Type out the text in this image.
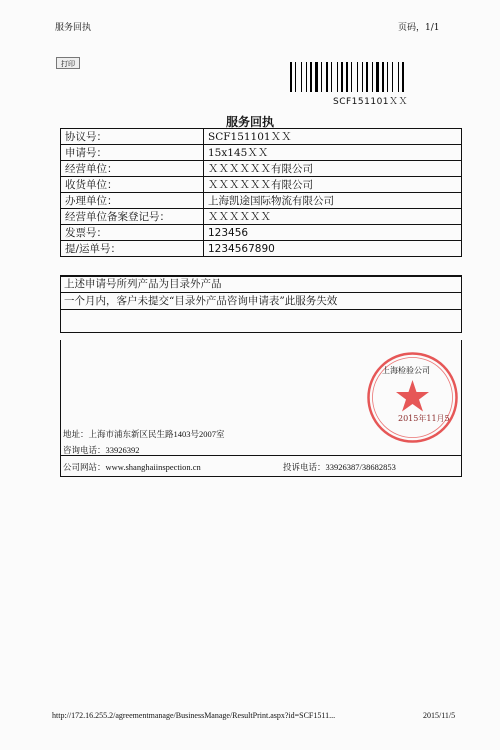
服务回执	页码，1/1
打印
SCF151101ＸＸ
服务回执
协议号：	SCF151101ＸＸ
申请号：	15x145ＸＸ
经营单位：	ＸＸＸＸＸＸ有限公司
收货单位：	ＸＸＸＸＸＸ有限公司
办理单位：	上海凯途国际物流有限公司
经营单位备案登记号：	ＸＸＸＸＸＸ
发票号：	123456
提/运单号：	1234567890
上述申请号所列产品为目录外产品
一个月内，客户未提交“目录外产品咨询申请表”此服务失效
上海检验公司
2015年11月5
地址：上海市浦东新区民生路1403号2007室
咨询电话：33926392
公司网站：www.shanghaiinspection.cn	投诉电话：33926387/38682853
http://172.16.255.2/agreementmanage/BusinessManage/ResultPrint.aspx?id=SCF1511...	2015/11/5
